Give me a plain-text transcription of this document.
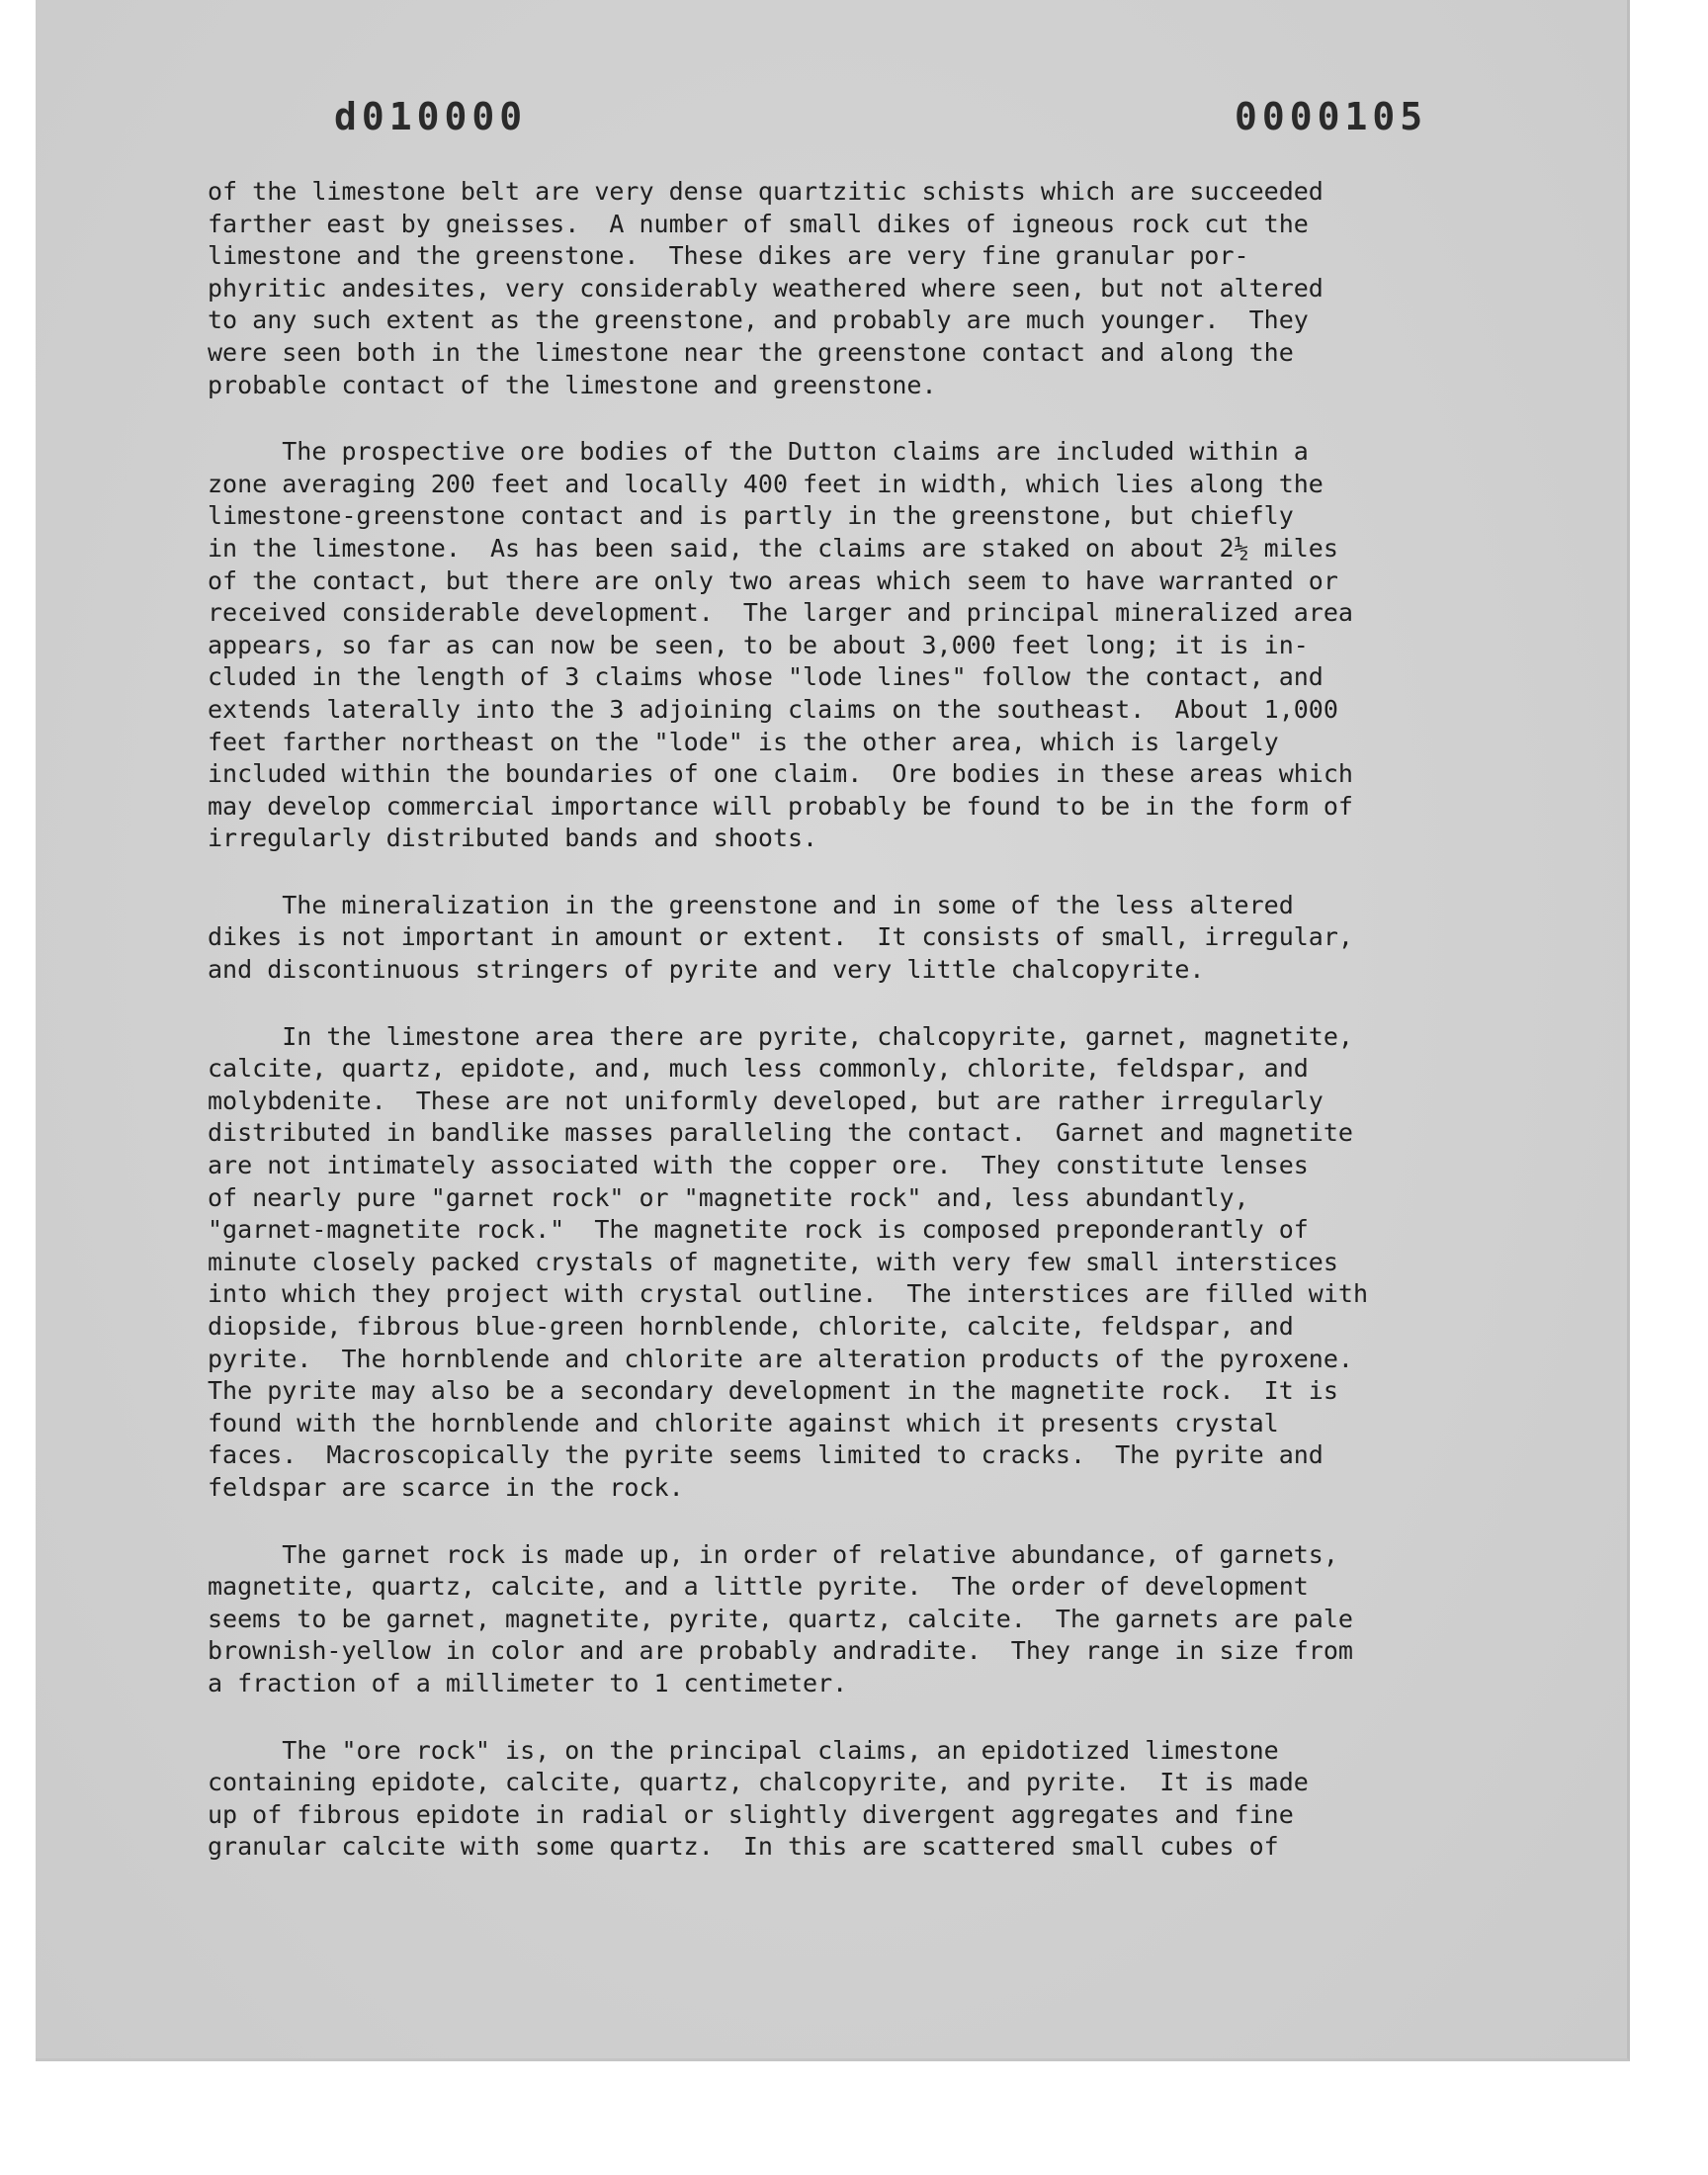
d010000	0000105
of the limestone belt are very dense quartzitic schists which are succeeded
farther east by gneisses.  A number of small dikes of igneous rock cut the
limestone and the greenstone.  These dikes are very fine granular por-
phyritic andesites, very considerably weathered where seen, but not altered
to any such extent as the greenstone, and probably are much younger.  They
were seen both in the limestone near the greenstone contact and along the
probable contact of the limestone and greenstone.
The prospective ore bodies of the Dutton claims are included within a
zone averaging 200 feet and locally 400 feet in width, which lies along the
limestone-greenstone contact and is partly in the greenstone, but chiefly
in the limestone.  As has been said, the claims are staked on about 2½ miles
of the contact, but there are only two areas which seem to have warranted or
received considerable development.  The larger and principal mineralized area
appears, so far as can now be seen, to be about 3,000 feet long; it is in-
cluded in the length of 3 claims whose "lode lines" follow the contact, and
extends laterally into the 3 adjoining claims on the southeast.  About 1,000
feet farther northeast on the "lode" is the other area, which is largely
included within the boundaries of one claim.  Ore bodies in these areas which
may develop commercial importance will probably be found to be in the form of
irregularly distributed bands and shoots.
The mineralization in the greenstone and in some of the less altered
dikes is not important in amount or extent.  It consists of small, irregular,
and discontinuous stringers of pyrite and very little chalcopyrite.
In the limestone area there are pyrite, chalcopyrite, garnet, magnetite,
calcite, quartz, epidote, and, much less commonly, chlorite, feldspar, and
molybdenite.  These are not uniformly developed, but are rather irregularly
distributed in bandlike masses paralleling the contact.  Garnet and magnetite
are not intimately associated with the copper ore.  They constitute lenses
of nearly pure "garnet rock" or "magnetite rock" and, less abundantly,
"garnet-magnetite rock."  The magnetite rock is composed preponderantly of
minute closely packed crystals of magnetite, with very few small interstices
into which they project with crystal outline.  The interstices are filled with
diopside, fibrous blue-green hornblende, chlorite, calcite, feldspar, and
pyrite.  The hornblende and chlorite are alteration products of the pyroxene.
The pyrite may also be a secondary development in the magnetite rock.  It is
found with the hornblende and chlorite against which it presents crystal
faces.  Macroscopically the pyrite seems limited to cracks.  The pyrite and
feldspar are scarce in the rock.
The garnet rock is made up, in order of relative abundance, of garnets,
magnetite, quartz, calcite, and a little pyrite.  The order of development
seems to be garnet, magnetite, pyrite, quartz, calcite.  The garnets are pale
brownish-yellow in color and are probably andradite.  They range in size from
a fraction of a millimeter to 1 centimeter.
The "ore rock" is, on the principal claims, an epidotized limestone
containing epidote, calcite, quartz, chalcopyrite, and pyrite.  It is made
up of fibrous epidote in radial or slightly divergent aggregates and fine
granular calcite with some quartz.  In this are scattered small cubes of
